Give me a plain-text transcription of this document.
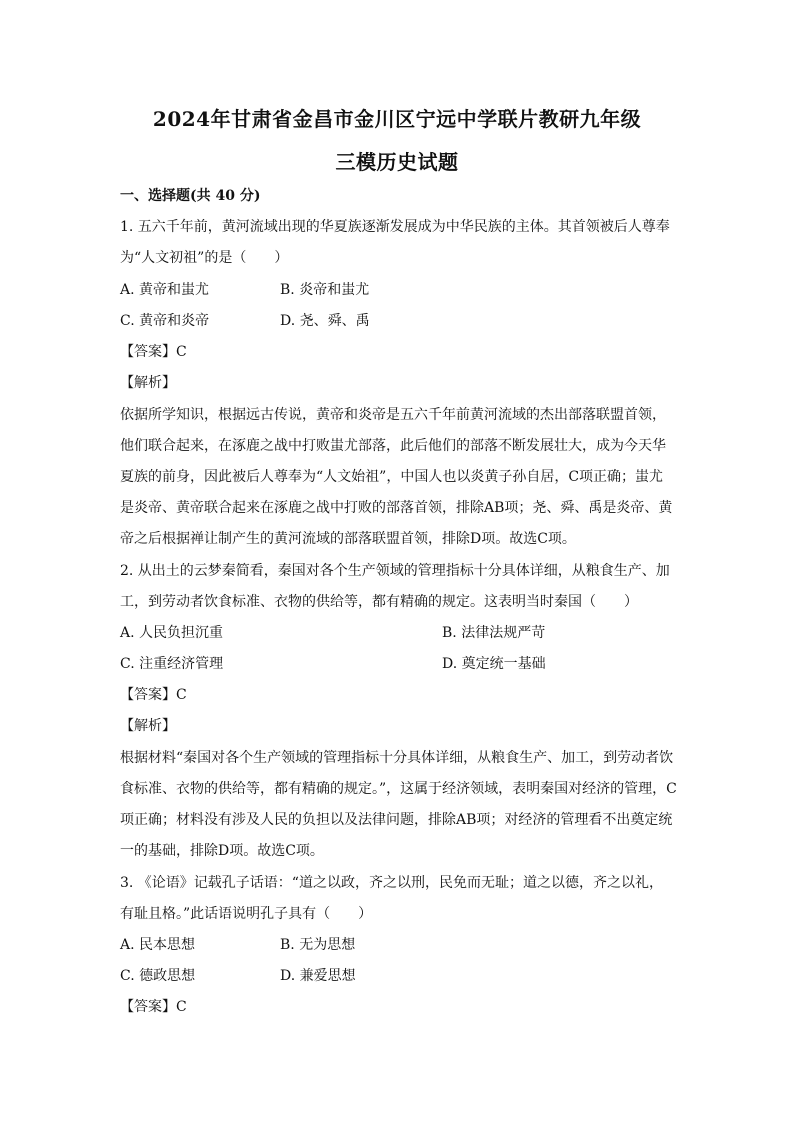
2024年甘肃省金昌市金川区宁远中学联片教研九年级
三模历史试题
一、选择题(共 40 分)
1. 五六千年前，黄河流域出现的华夏族逐渐发展成为中华民族的主体。其首领被后人尊奉
为“人文初祖”的是（　　）
A. 黄帝和蚩尤	B. 炎帝和蚩尤
C. 黄帝和炎帝	D. 尧、舜、禹
【答案】C
【解析】
依据所学知识，根据远古传说，黄帝和炎帝是五六千年前黄河流域的杰出部落联盟首领，
他们联合起来，在涿鹿之战中打败蚩尤部落，此后他们的部落不断发展壮大，成为今天华
夏族的前身，因此被后人尊奉为“人文始祖”，中国人也以炎黄子孙自居，C项正确；蚩尤
是炎帝、黄帝联合起来在涿鹿之战中打败的部落首领，排除AB项；尧、舜、禹是炎帝、黄
帝之后根据禅让制产生的黄河流域的部落联盟首领，排除D项。故选C项。
2. 从出土的云梦秦简看，秦国对各个生产领域的管理指标十分具体详细，从粮食生产、加
工，到劳动者饮食标准、衣物的供给等，都有精确的规定。这表明当时秦国（　　）
A. 人民负担沉重	B. 法律法规严苛
C. 注重经济管理	D. 奠定统一基础
【答案】C
【解析】
根据材料“秦国对各个生产领域的管理指标十分具体详细，从粮食生产、加工，到劳动者饮
食标准、衣物的供给等，都有精确的规定。”，这属于经济领域，表明秦国对经济的管理，C
项正确；材料没有涉及人民的负担以及法律问题，排除AB项；对经济的管理看不出奠定统
一的基础，排除D项。故选C项。
3. 《论语》记载孔子话语：“道之以政，齐之以刑，民免而无耻；道之以德，齐之以礼，
有耻且格。”此话语说明孔子具有（　　）
A. 民本思想	B. 无为思想
C. 德政思想	D. 兼爱思想
【答案】C
